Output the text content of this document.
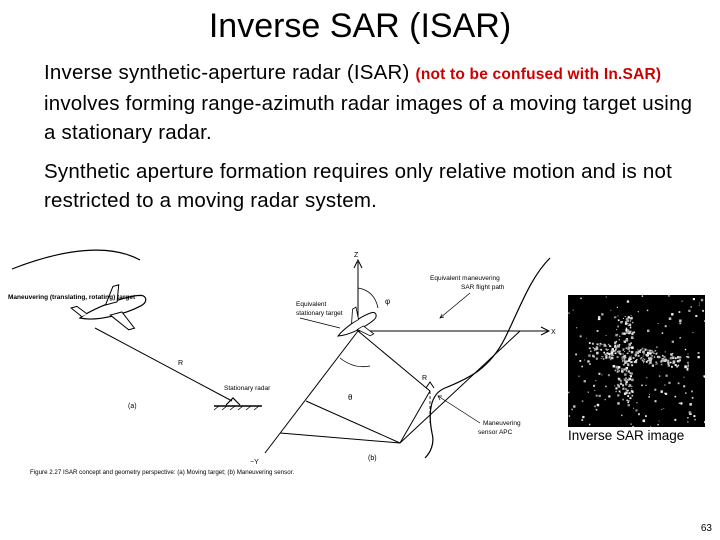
Inverse SAR (ISAR)
Inverse synthetic-aperture radar (ISAR) (not to be confused with In.SAR) involves forming range-azimuth radar images of a moving target using a stationary radar.
Synthetic aperture formation requires only relative motion and is not restricted to a moving radar system.
Maneuvering (translating, rotating) target
R
Stationary radar
(a)
Z
Equivalent maneuvering
SAR flight path
Equivalent
stationary target
φ
X
R
θ
Maneuvering
sensor APC
−Y
(b)
Figure 2.27 ISAR concept and geometry perspective: (a) Moving target; (b) Maneuvering sensor.
Inverse SAR image
63
